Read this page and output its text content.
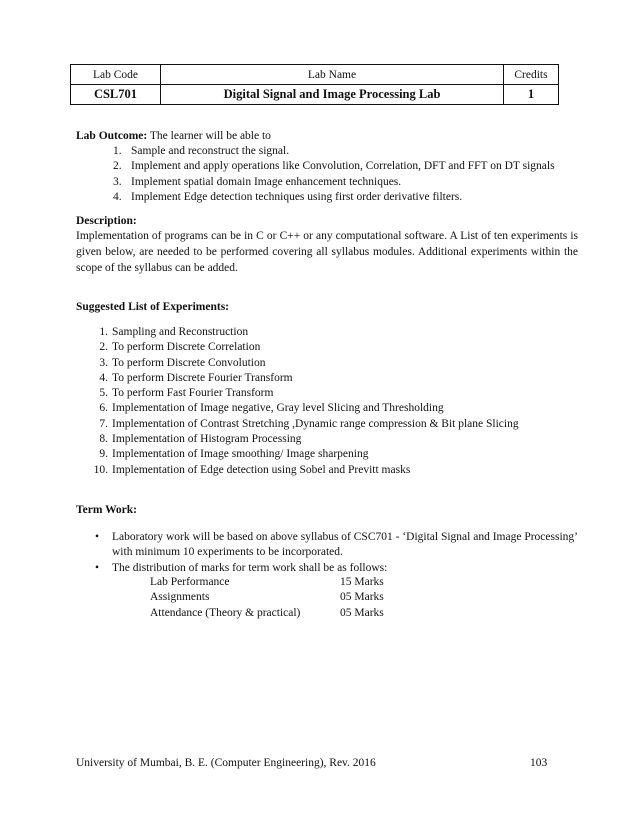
Lab Code	Lab Name	Credits
CSL701	Digital Signal and Image Processing Lab	1
Lab Outcome: The learner will be able to
1. Sample and reconstruct the signal.
2. Implement and apply operations like Convolution, Correlation, DFT and FFT on DT signals
3. Implement spatial domain Image enhancement techniques.
4. Implement Edge detection techniques using first order derivative filters.
Description:
Implementation of programs can be in C or C++ or any computational software. A List of ten experiments is given below, are needed to be performed covering all syllabus modules. Additional experiments within the scope of the syllabus can be added.
Suggested List of Experiments:
1. Sampling and Reconstruction
2. To perform Discrete Correlation
3. To perform Discrete Convolution
4. To perform Discrete Fourier Transform
5. To perform Fast Fourier Transform
6. Implementation of Image negative, Gray level Slicing and Thresholding
7. Implementation of Contrast Stretching ,Dynamic range compression & Bit plane Slicing
8. Implementation of Histogram Processing
9. Implementation of Image smoothing/ Image sharpening
10. Implementation of Edge detection using Sobel and Previtt masks
Term Work:
• Laboratory work will be based on above syllabus of CSC701 - ‘Digital Signal and Image Processing’ with minimum 10 experiments to be incorporated.
• The distribution of marks for term work shall be as follows:
Lab Performance	15 Marks
Assignments	05 Marks
Attendance (Theory & practical)	05 Marks
University of Mumbai, B. E. (Computer Engineering), Rev. 2016	103
